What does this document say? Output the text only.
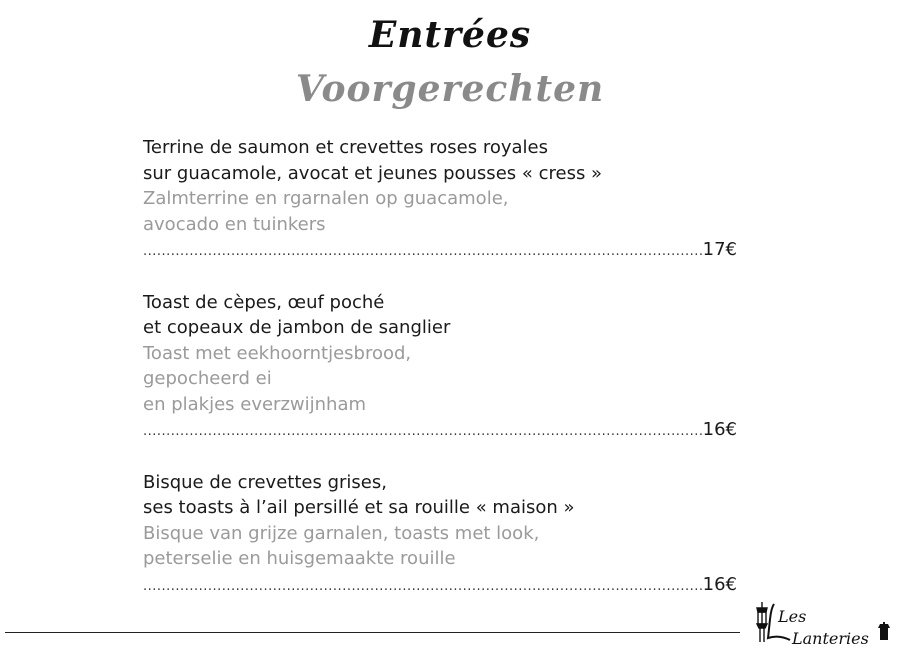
Entrées
Voorgerechten
Terrine de saumon et crevettes roses royales
sur guacamole, avocat et jeunes pousses « cress »
Zalmterrine en rgarnalen op guacamole,
avocado en tuinkers
.....
17€
Toast de cèpes, œuf poché
et copeaux de jambon de sanglier
Toast met eekhoorntjesbrood,
gepocheerd ei
en plakjes everzwijnham
.....
16€
Bisque de crevettes grises,
ses toasts à l’ail persillé et sa rouille « maison »
Bisque van grijze garnalen, toasts met look,
peterselie en huisgemaakte rouille
.....
16€
Les
Lanteries
